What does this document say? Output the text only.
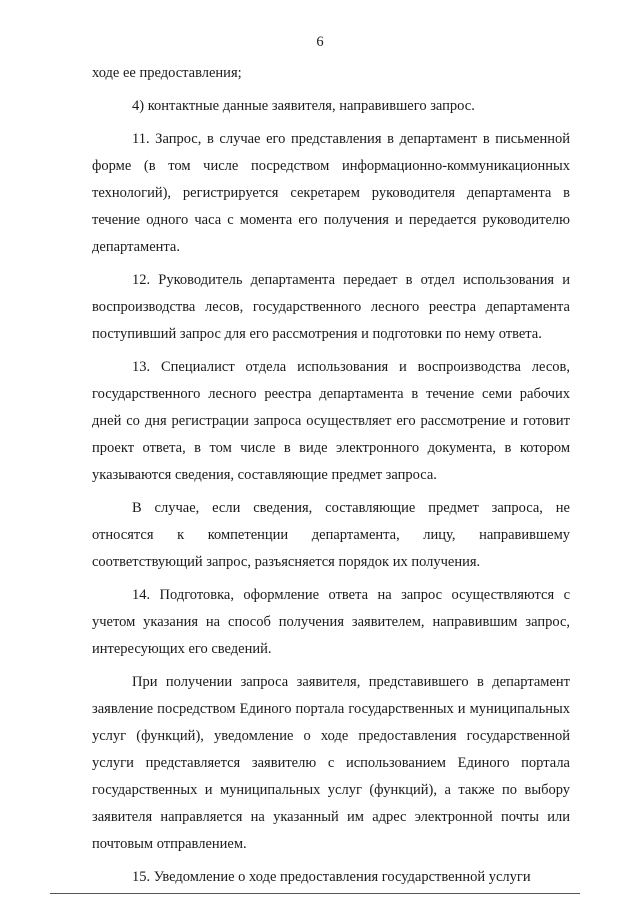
6

ходе ее предоставления;

4) контактные данные заявителя, направившего запрос.

11. Запрос, в случае его представления в департамент в письменной форме (в том числе посредством информационно-коммуникационных технологий), регистрируется секретарем руководителя департамента в течение одного часа с момента его получения и передается руководителю департамента.

12. Руководитель департамента передает в отдел использования и воспроизводства лесов, государственного лесного реестра департамента поступивший запрос для его рассмотрения и подготовки по нему ответа.

13. Специалист отдела использования и воспроизводства лесов, государственного лесного реестра департамента в течение семи рабочих дней со дня регистрации запроса осуществляет его рассмотрение и готовит проект ответа, в том числе в виде электронного документа, в котором указываются сведения, составляющие предмет запроса.

В случае, если сведения, составляющие предмет запроса, не относятся к компетенции департамента, лицу, направившему соответствующий запрос, разъясняется порядок их получения.

14. Подготовка, оформление ответа на запрос осуществляются с учетом указания на способ получения заявителем, направившим запрос, интересующих его сведений.

При получении запроса заявителя, представившего в департамент заявление посредством Единого портала государственных и муниципальных услуг (функций), уведомление о ходе предоставления государственной услуги представляется заявителю с использованием Единого портала государственных и муниципальных услуг (функций), а также по выбору заявителя направляется на указанный им адрес электронной почты или почтовым отправлением.

15. Уведомление о ходе предоставления государственной услуги
